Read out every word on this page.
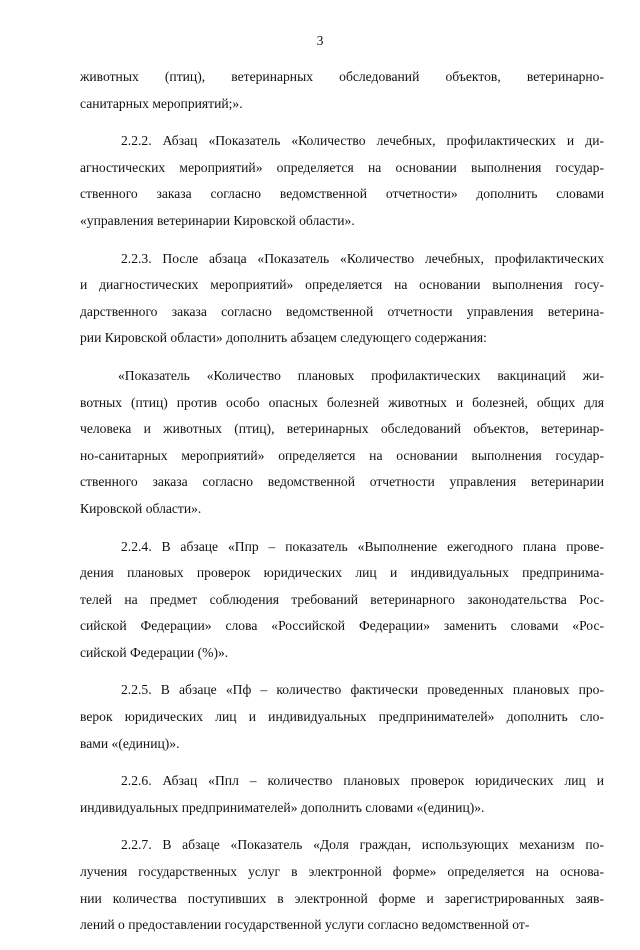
3
животных (птиц), ветеринарных обследований объектов, ветеринарно-
санитарных мероприятий;».
2.2.2. Абзац «Показатель «Количество лечебных, профилактических и ди-
агностических мероприятий» определяется на основании выполнения государ-
ственного заказа согласно ведомственной отчетности» дополнить словами
«управления ветеринарии Кировской области».
2.2.3. После абзаца «Показатель «Количество лечебных, профилактических
и диагностических мероприятий» определяется на основании выполнения госу-
дарственного заказа согласно ведомственной отчетности управления ветерина-
рии Кировской области» дополнить абзацем следующего содержания:
«Показатель «Количество плановых профилактических вакцинаций жи-
вотных (птиц) против особо опасных болезней животных и болезней, общих для
человека и животных (птиц), ветеринарных обследований объектов, ветеринар-
но-санитарных мероприятий» определяется на основании выполнения государ-
ственного заказа согласно ведомственной отчетности управления ветеринарии
Кировской области».
2.2.4. В абзаце «Ппр – показатель «Выполнение ежегодного плана прове-
дения плановых проверок юридических лиц и индивидуальных предпринима-
телей на предмет соблюдения требований ветеринарного законодательства Рос-
сийской Федерации» слова «Российской Федерации» заменить словами «Рос-
сийской Федерации (%)».
2.2.5. В абзаце «Пф – количество фактически проведенных плановых про-
верок юридических лиц и индивидуальных предпринимателей» дополнить сло-
вами «(единиц)».
2.2.6. Абзац «Ппл – количество плановых проверок юридических лиц и
индивидуальных предпринимателей» дополнить словами «(единиц)».
2.2.7. В абзаце «Показатель «Доля граждан, использующих механизм по-
лучения государственных услуг в электронной форме» определяется на основа-
нии количества поступивших в электронной форме и зарегистрированных заяв-
лений о предоставлении государственной услуги согласно ведомственной от-
